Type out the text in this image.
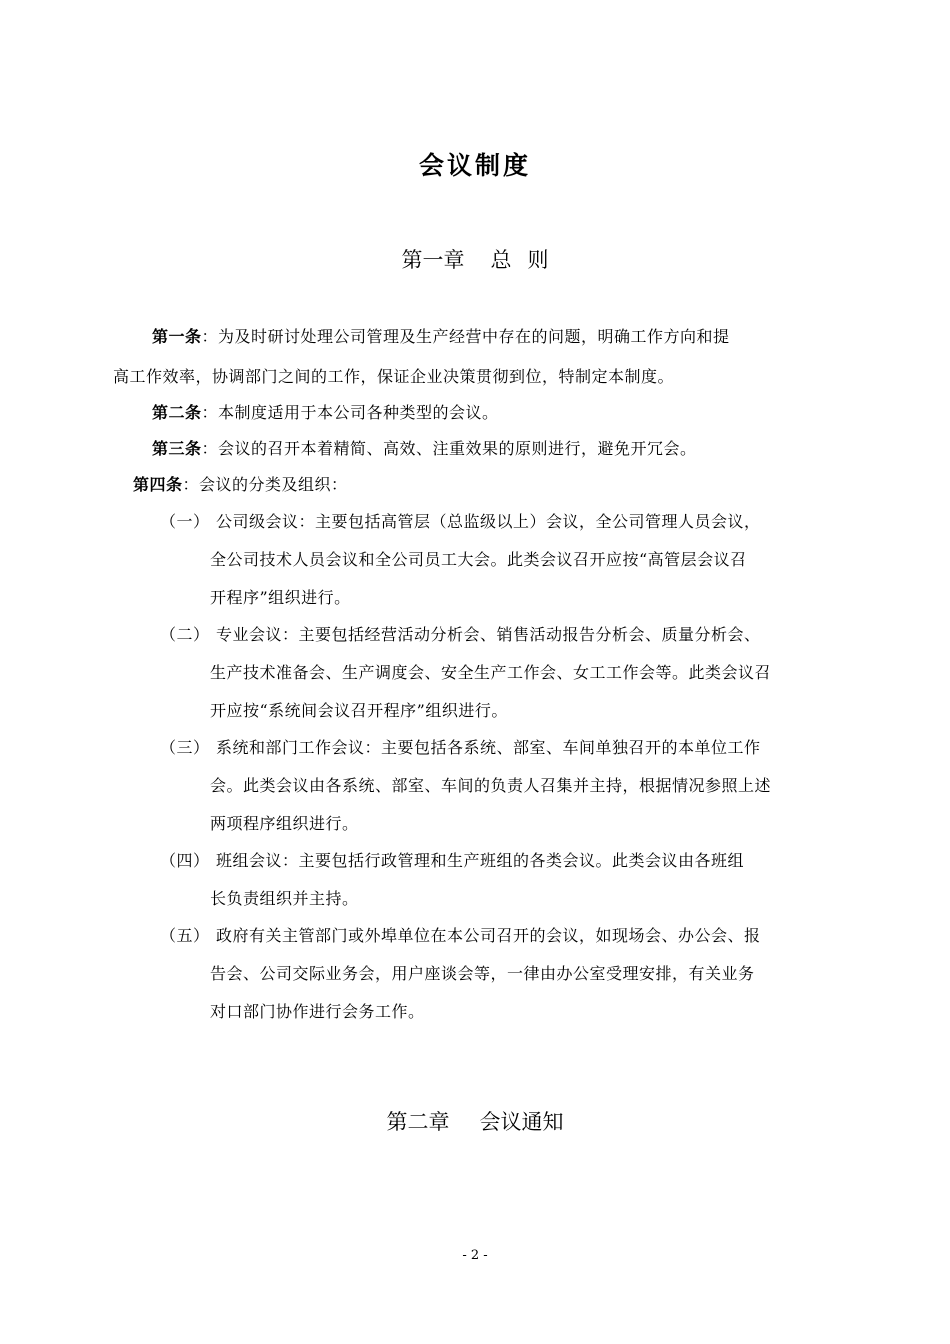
会议制度
第一章 总 则
第一条：为及时研讨处理公司管理及生产经营中存在的问题，明确工作方向和提
高工作效率，协调部门之间的工作，保证企业决策贯彻到位，特制定本制度。
第二条：本制度适用于本公司各种类型的会议。
第三条：会议的召开本着精简、高效、注重效果的原则进行，避免开冗会。
第四条：会议的分类及组织：
（一） 公司级会议：主要包括高管层（总监级以上）会议，全公司管理人员会议，
全公司技术人员会议和全公司员工大会。此类会议召开应按“高管层会议召
开程序”组织进行。
（二） 专业会议：主要包括经营活动分析会、销售活动报告分析会、质量分析会、
生产技术准备会、生产调度会、安全生产工作会、女工工作会等。此类会议召
开应按“系统间会议召开程序”组织进行。
（三） 系统和部门工作会议：主要包括各系统、部室、车间单独召开的本单位工作
会。此类会议由各系统、部室、车间的负责人召集并主持，根据情况参照上述
两项程序组织进行。
（四） 班组会议：主要包括行政管理和生产班组的各类会议。此类会议由各班组
长负责组织并主持。
（五） 政府有关主管部门或外埠单位在本公司召开的会议，如现场会、办公会、报
告会、公司交际业务会，用户座谈会等，一律由办公室受理安排，有关业务
对口部门协作进行会务工作。
第二章 会议通知
- 2 -
